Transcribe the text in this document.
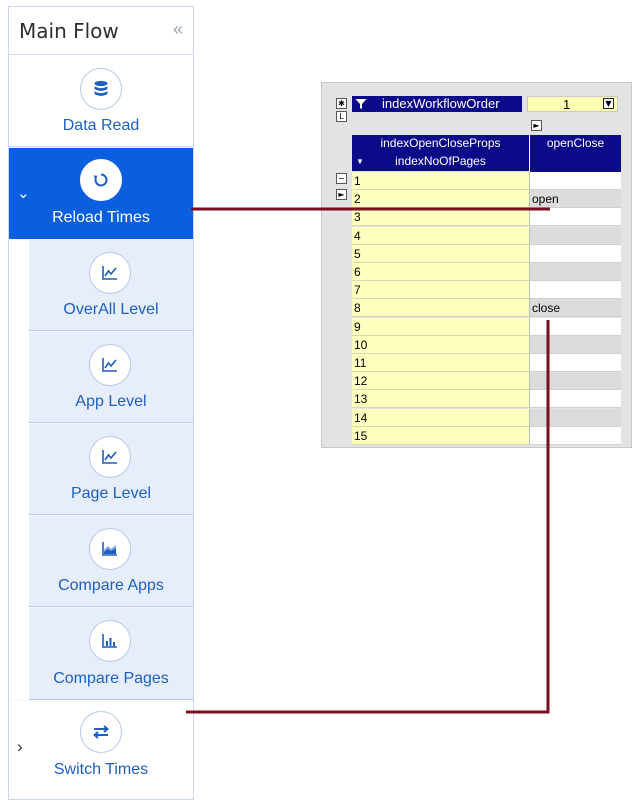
Main Flow	«
Data Read
⌄
Reload Times
OverAll Level
App Level
Page Level
Compare Apps
Compare Pages
›
Switch Times
✱
L
indexWorkflowOrder	1	▼
►
indexOpenCloseProps	openClose
▼	indexNoOfPages
−
►
1
2	open
3
4
5
6
7
8	close
9
10
11
12
13
14
15
